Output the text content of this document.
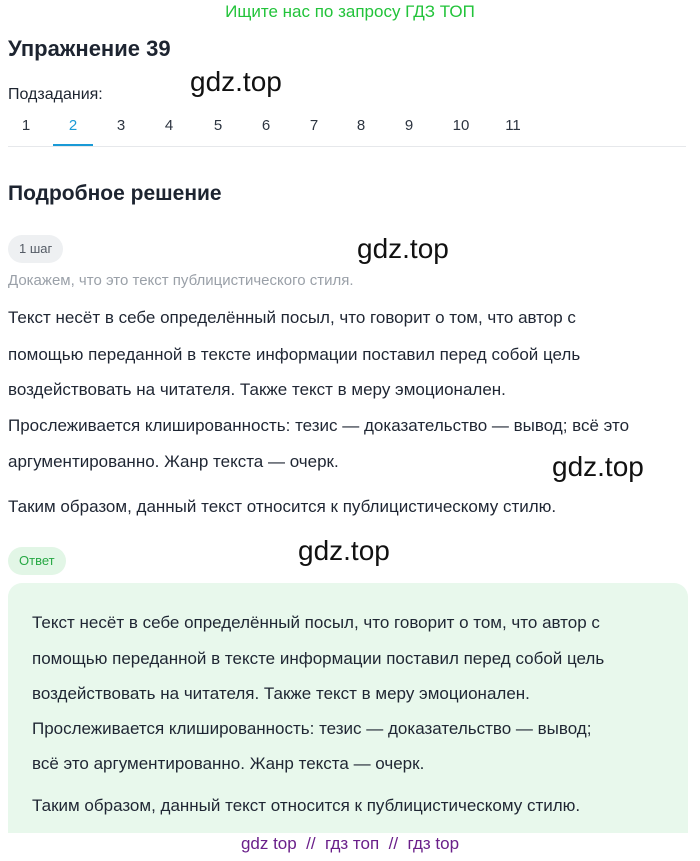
Ищите нас по запросу ГДЗ ТОП
Упражнение 39
Подзадания:
1	2	3	4	5	6	7	8	9	10	11
Подробное решение
1 шаг
Докажем, что это текст публицистического стиля.
Текст несёт в себе определённый посыл, что говорит о том, что автор с
помощью переданной в тексте информации поставил перед собой цель
воздействовать на читателя. Также текст в меру эмоционален.
Прослеживается клишированность: тезис — доказательство — вывод; всё это
аргументированно. Жанр текста — очерк.
Таким образом, данный текст относится к публицистическому стилю.
Ответ
Текст несёт в себе определённый посыл, что говорит о том, что автор с
помощью переданной в тексте информации поставил перед собой цель
воздействовать на читателя. Также текст в меру эмоционален.
Прослеживается клишированность: тезис — доказательство — вывод;
всё это аргументированно. Жанр текста — очерк.
Таким образом, данный текст относится к публицистическому стилю.
gdz.top
gdz.top
gdz.top
gdz.top
gdz top  //  гдз топ  //  гдз top
